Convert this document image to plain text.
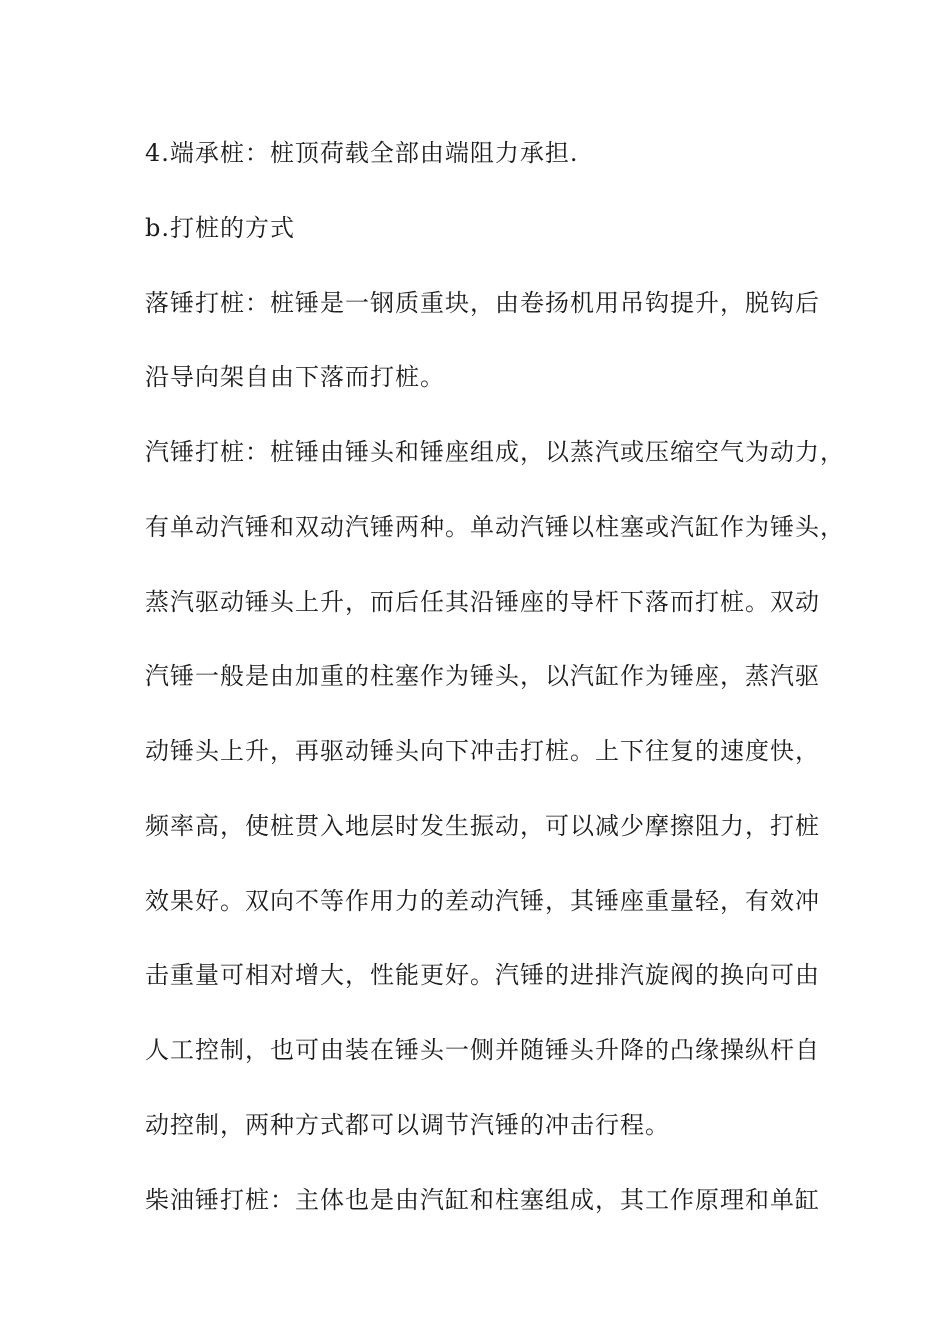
4.端承桩：桩顶荷载全部由端阻力承担.
b.打桩的方式
落锤打桩：桩锤是一钢质重块，由卷扬机用吊钩提升，脱钩后
沿导向架自由下落而打桩。
汽锤打桩：桩锤由锤头和锤座组成，以蒸汽或压缩空气为动力，
有单动汽锤和双动汽锤两种。单动汽锤以柱塞或汽缸作为锤头，
蒸汽驱动锤头上升，而后任其沿锤座的导杆下落而打桩。双动
汽锤一般是由加重的柱塞作为锤头，以汽缸作为锤座，蒸汽驱
动锤头上升，再驱动锤头向下冲击打桩。上下往复的速度快，
频率高，使桩贯入地层时发生振动，可以减少摩擦阻力，打桩
效果好。双向不等作用力的差动汽锤，其锤座重量轻，有效冲
击重量可相对增大，性能更好。汽锤的进排汽旋阀的换向可由
人工控制，也可由装在锤头一侧并随锤头升降的凸缘操纵杆自
动控制，两种方式都可以调节汽锤的冲击行程。
柴油锤打桩：主体也是由汽缸和柱塞组成，其工作原理和单缸
